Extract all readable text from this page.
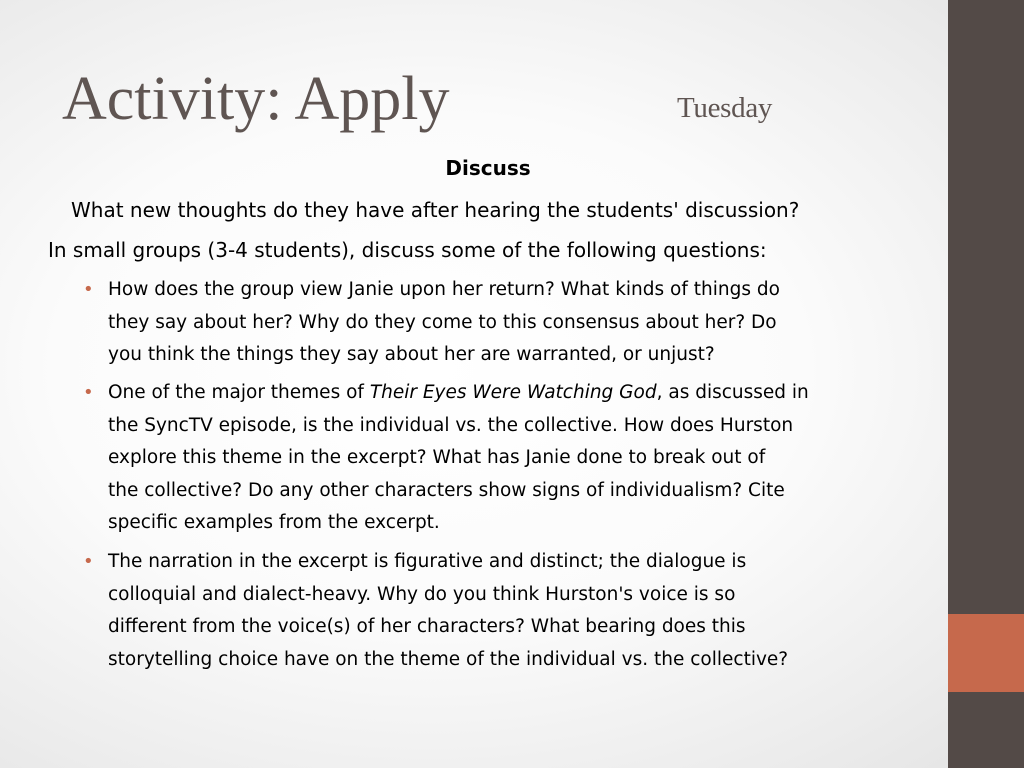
Activity: Apply	Tuesday
Discuss
What new thoughts do they have after hearing the students' discussion?
In small groups (3-4 students), discuss some of the following questions:
• How does the group view Janie upon her return? What kinds of things do
they say about her? Why do they come to this consensus about her? Do
you think the things they say about her are warranted, or unjust?
• One of the major themes of Their Eyes Were Watching God, as discussed in
the SyncTV episode, is the individual vs. the collective. How does Hurston
explore this theme in the excerpt? What has Janie done to break out of
the collective? Do any other characters show signs of individualism? Cite
specific examples from the excerpt.
• The narration in the excerpt is figurative and distinct; the dialogue is
colloquial and dialect-heavy. Why do you think Hurston's voice is so
different from the voice(s) of her characters? What bearing does this
storytelling choice have on the theme of the individual vs. the collective?
